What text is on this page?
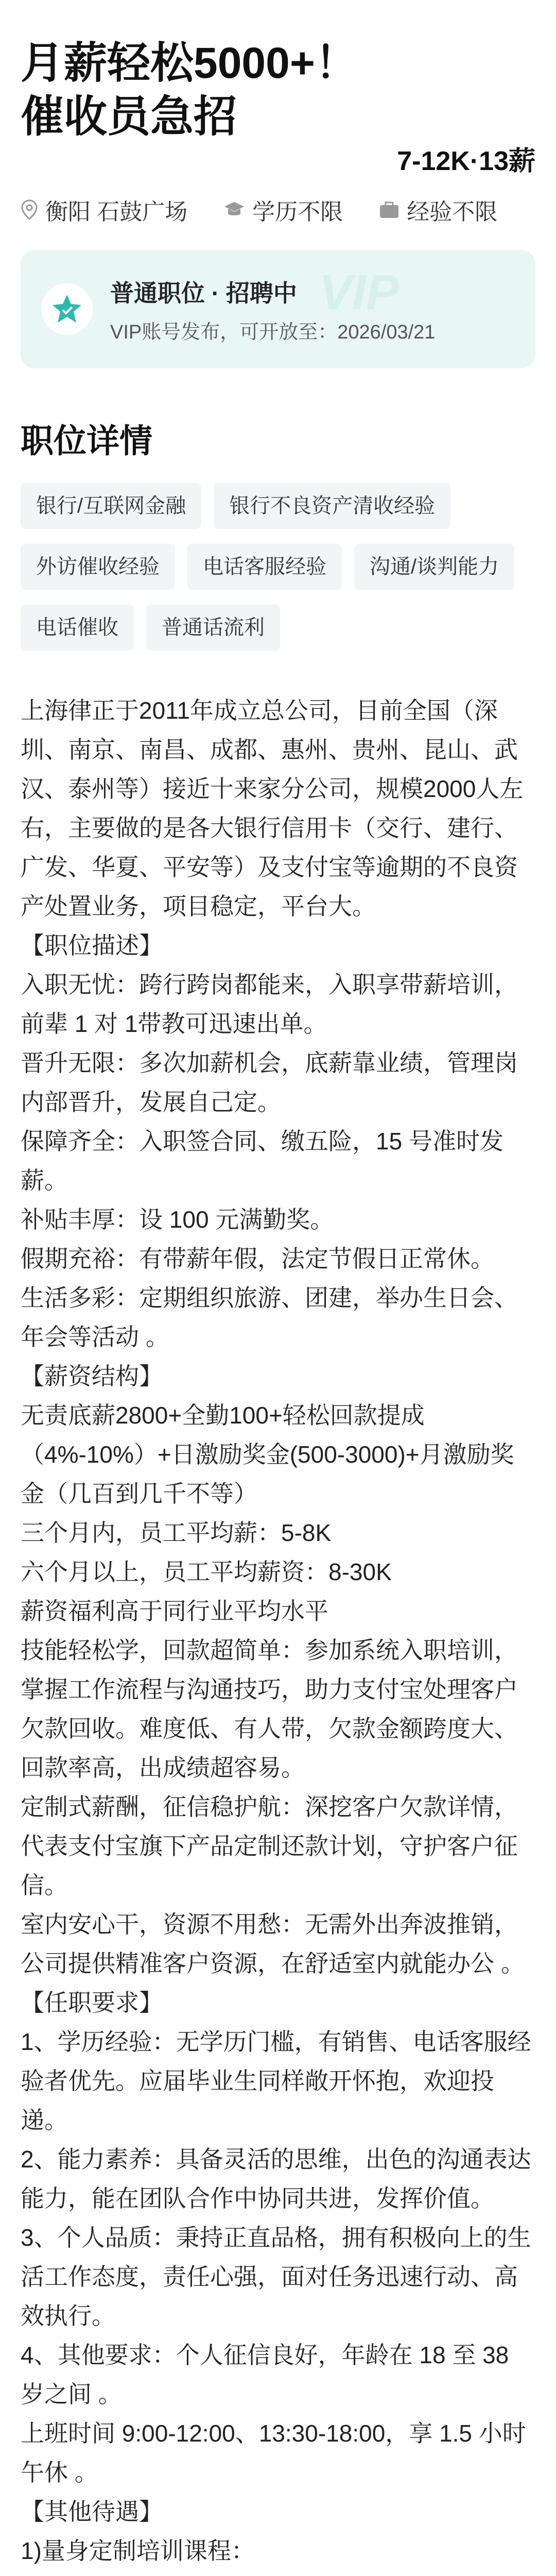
月薪轻松5000+！催收员急招
7-12K·13薪
衡阳 石鼓广场	学历不限	经验不限
普通职位 · 招聘中
VIP账号发布，可开放至：2026/03/21
VIP
职位详情
银行/互联网金融	银行不良资产清收经验
外访催收经验	电话客服经验	沟通/谈判能力
电话催收	普通话流利

上海律正于2011年成立总公司，目前全国（深圳、南京、南昌、成都、惠州、贵州、昆山、武汉、泰州等）接近十来家分公司，规模2000人左右，主要做的是各大银行信用卡（交行、建行、广发、华夏、平安等）及支付宝等逾期的不良资产处置业务，项目稳定，平台大。

【职位描述】

入职无忧：跨行跨岗都能来，入职享带薪培训，前辈 1 对 1带教可迅速出单。

晋升无限：多次加薪机会，底薪靠业绩，管理岗内部晋升，发展自己定。

保障齐全：入职签合同、缴五险，15 号准时发薪。

补贴丰厚：设 100 元满勤奖。

假期充裕：有带薪年假，法定节假日正常休。

生活多彩：定期组织旅游、团建，举办生日会、年会等活动 。

【薪资结构】

无责底薪2800+全勤100+轻松回款提成（4%-10%）+日激励奖金(500-3000)+月激励奖金（几百到几千不等）

三个月内，员工平均薪：5-8K

六个月以上，员工平均薪资：8-30K

薪资福利高于同行业平均水平

技能轻松学，回款超简单：参加系统入职培训，掌握工作流程与沟通技巧，助力支付宝处理客户欠款回收。难度低、有人带，欠款金额跨度大、回款率高，出成绩超容易。

定制式薪酬，征信稳护航：深挖客户欠款详情，代表支付宝旗下产品定制还款计划，守护客户征信。

室内安心干，资源不用愁：无需外出奔波推销，公司提供精准客户资源，在舒适室内就能办公 。

【任职要求】

1、学历经验：无学历门槛，有销售、电话客服经验者优先。应届毕业生同样敞开怀抱，欢迎投递。

2、能力素养：具备灵活的思维，出色的沟通表达能力，能在团队合作中协同共进，发挥价值。

3、个人品质：秉持正直品格，拥有积极向上的生活工作态度，责任心强，面对任务迅速行动、高效执行。

4、其他要求：个人征信良好，年龄在 18 至 38 岁之间 。

上班时间 9:00-12:00、13:30-18:00，享 1.5 小时午休 。

【其他待遇】

1)量身定制培训课程：
